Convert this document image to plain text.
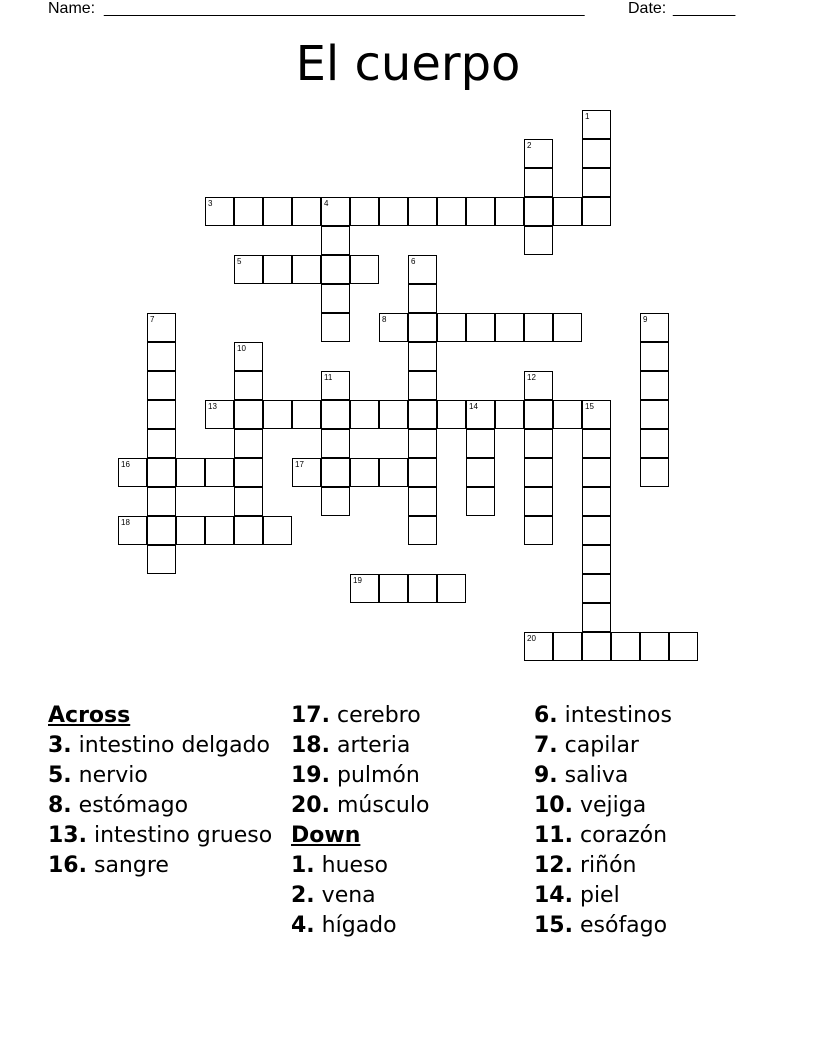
Name: ______________________________________________________	Date: _______
El cuerpo
1
2
3	4
5	6
7	8	9
10
11	12
13	14	15
16	17
18
19
20
Across
3. intestino delgado
5. nervio
8. estómago
13. intestino grueso
16. sangre
17. cerebro
18. arteria
19. pulmón
20. músculo
Down
1. hueso
2. vena
4. hígado
6. intestinos
7. capilar
9. saliva
10. vejiga
11. corazón
12. riñón
14. piel
15. esófago
